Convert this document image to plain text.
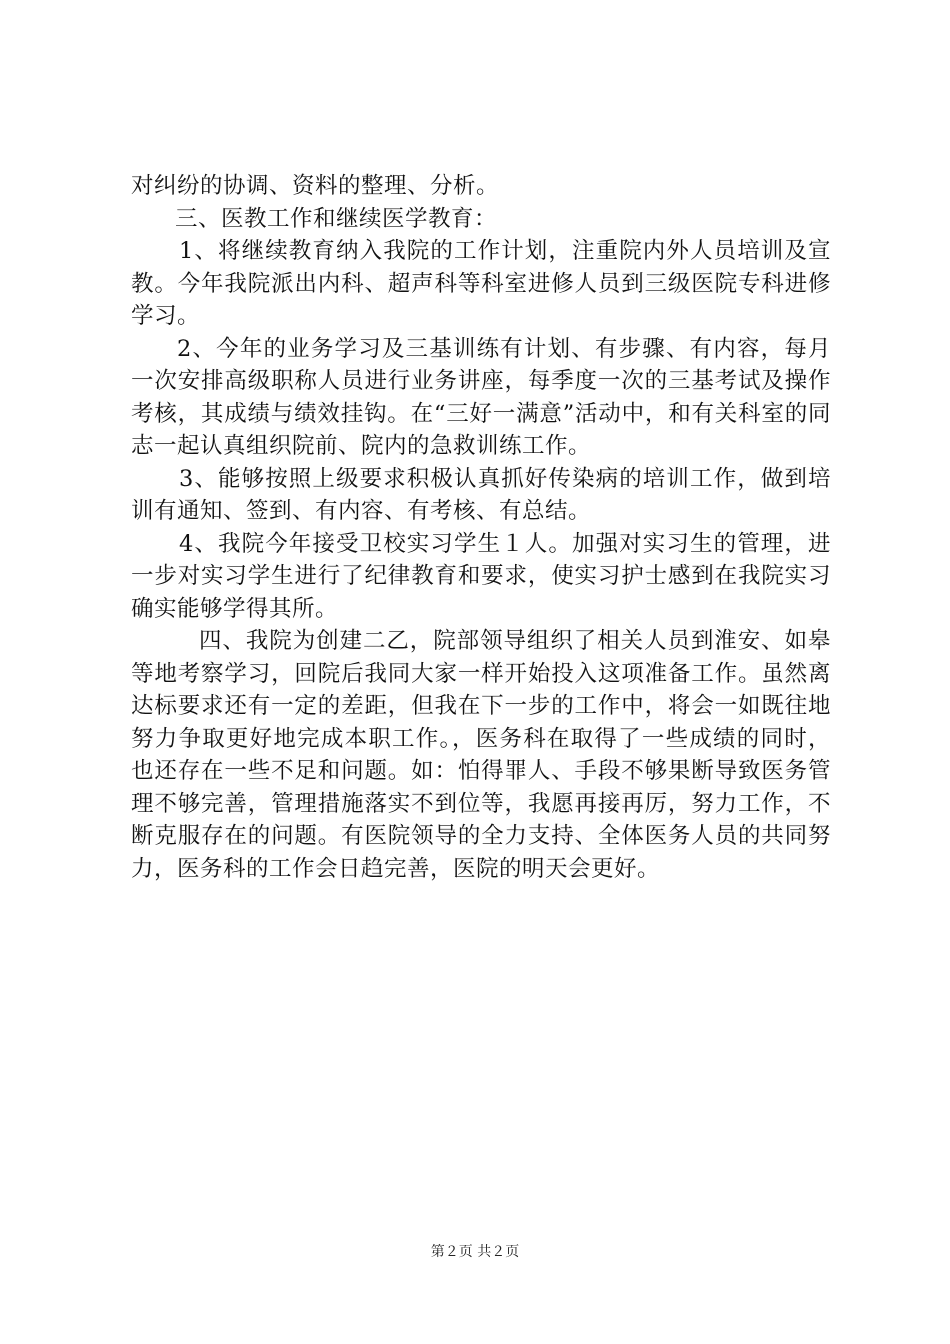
对纠纷的协调、资料的整理、分析。

三、医教工作和继续医学教育：

1、将继续教育纳入我院的工作计划，注重院内外人员培训及宣教。今年我院派出内科、超声科等科室进修人员到三级医院专科进修学习。

2、今年的业务学习及三基训练有计划、有步骤、有内容，每月一次安排高级职称人员进行业务讲座，每季度一次的三基考试及操作考核，其成绩与绩效挂钩。在“三好一满意”活动中，和有关科室的同志一起认真组织院前、院内的急救训练工作。

3、能够按照上级要求积极认真抓好传染病的培训工作，做到培训有通知、签到、有内容、有考核、有总结。

4、我院今年接受卫校实习学生１人。加强对实习生的管理，进一步对实习学生进行了纪律教育和要求，使实习护士感到在我院实习确实能够学得其所。

四、我院为创建二乙，院部领导组织了相关人员到淮安、如皋等地考察学习，回院后我同大家一样开始投入这项准备工作。虽然离达标要求还有一定的差距，但我在下一步的工作中，将会一如既往地努力争取更好地完成本职工作。，医务科在取得了一些成绩的同时，也还存在一些不足和问题。如：怕得罪人、手段不够果断导致医务管理不够完善，管理措施落实不到位等，我愿再接再厉，努力工作，不断克服存在的问题。有医院领导的全力支持、全体医务人员的共同努力，医务科的工作会日趋完善，医院的明天会更好。

第２页 共２页
